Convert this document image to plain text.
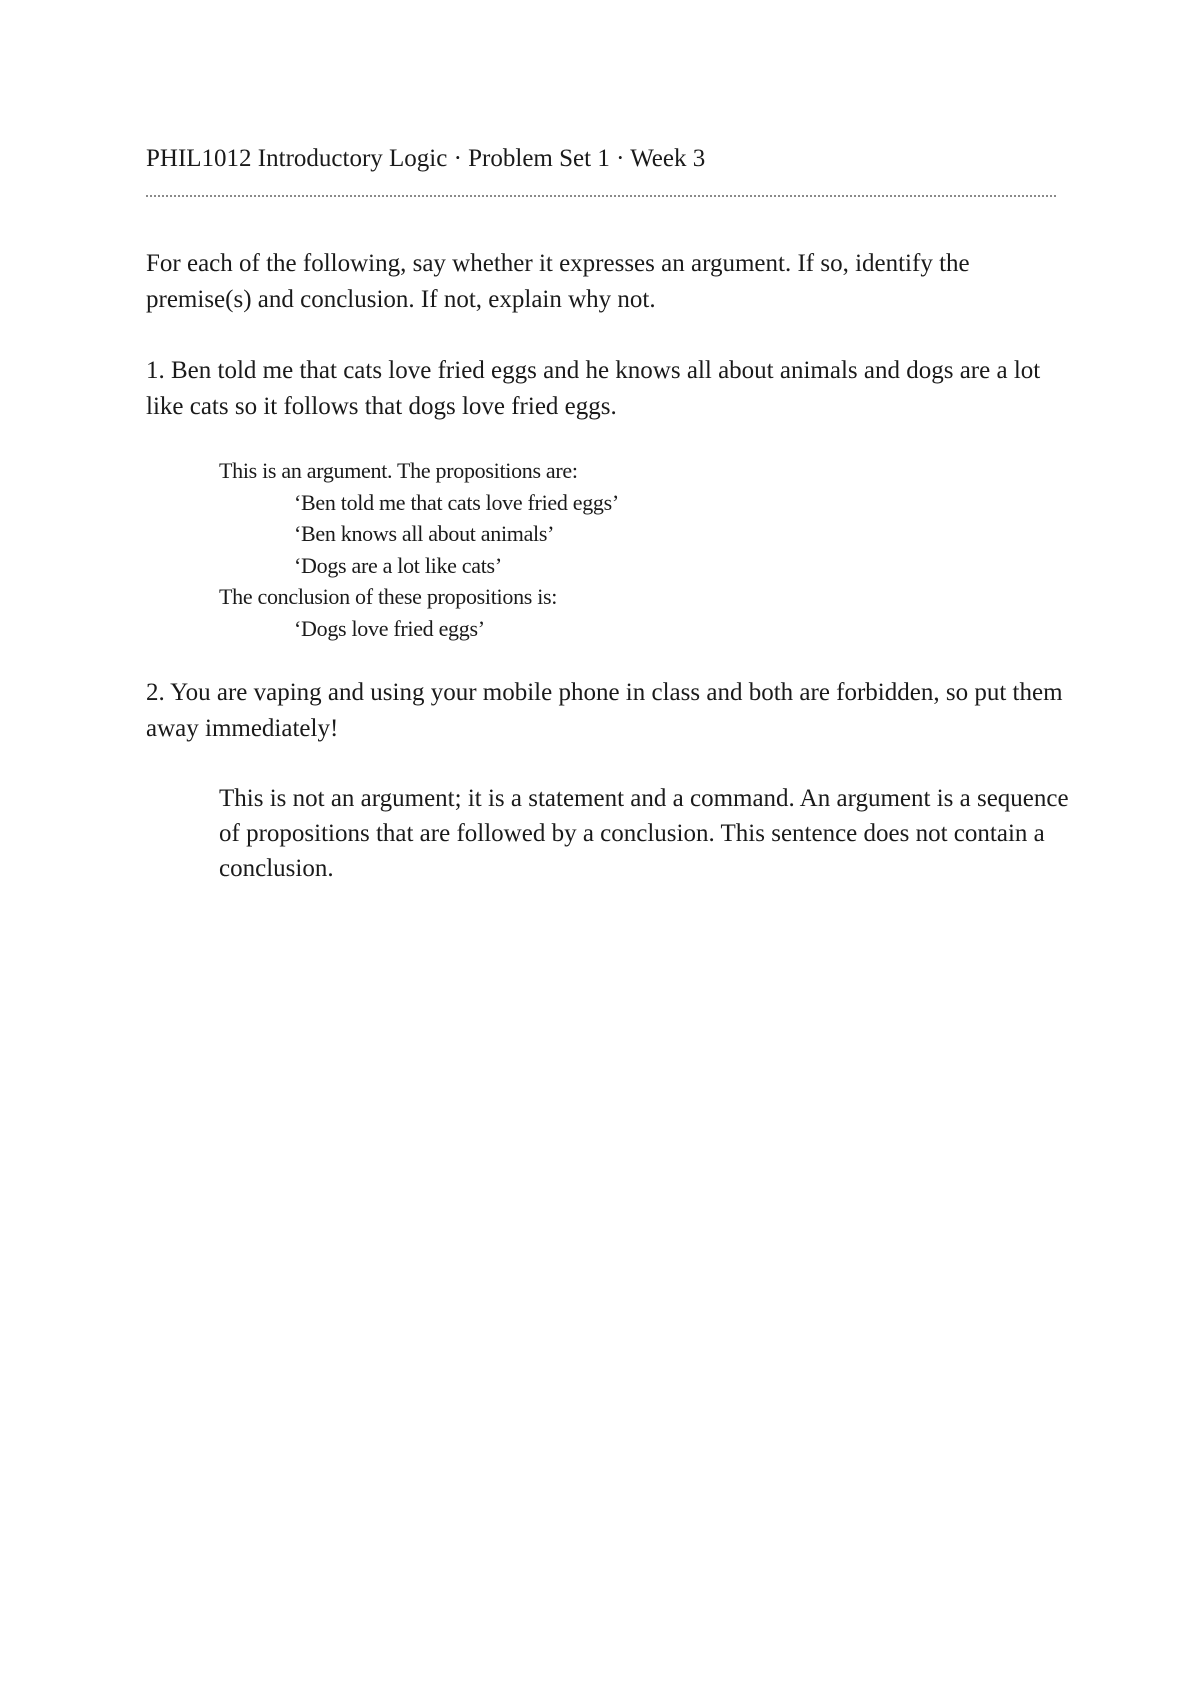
PHIL1012 Introductory Logic · Problem Set 1 · Week 3
For each of the following, say whether it expresses an argument. If so, identify the premise(s) and conclusion. If not, explain why not.
1. Ben told me that cats love fried eggs and he knows all about animals and dogs are a lot like cats so it follows that dogs love fried eggs.
This is an argument. The propositions are:
‘Ben told me that cats love fried eggs’
‘Ben knows all about animals’
‘Dogs are a lot like cats’
The conclusion of these propositions is:
‘Dogs love fried eggs’
2. You are vaping and using your mobile phone in class and both are forbidden, so put them away immediately!
This is not an argument; it is a statement and a command. An argument is a sequence of propositions that are followed by a conclusion. This sentence does not contain a conclusion.
